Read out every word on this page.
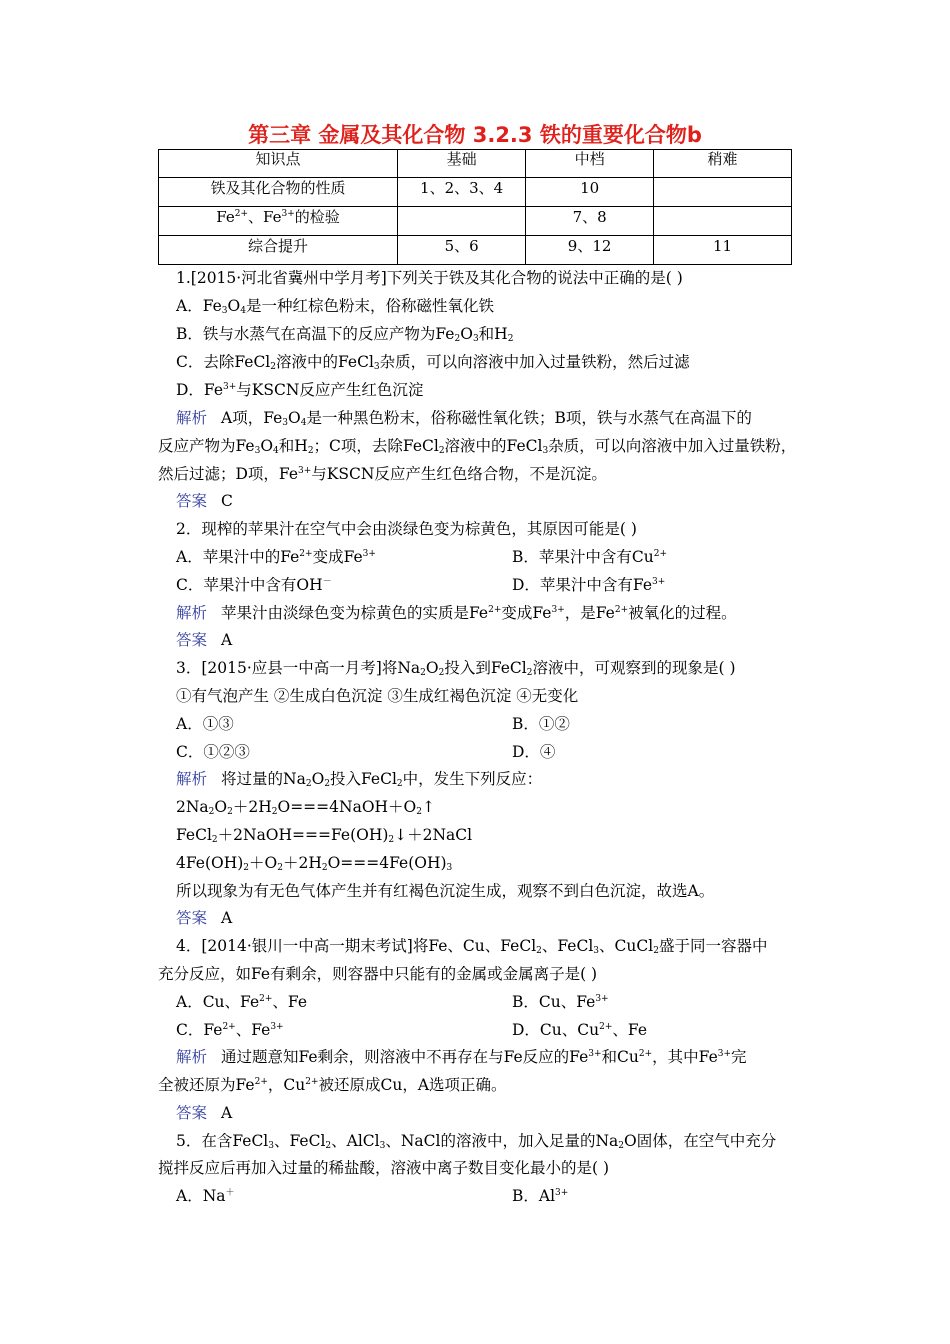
第三章 金属及其化合物 3.2.3 铁的重要化合物b
知识点	基础	中档	稍难
铁及其化合物的性质	1、2、3、4	10	
$Fe^{2+}$、$Fe^{3+}$的检验		7、8	
综合提升	5、6	9、12	11
1.[2015·河北省冀州中学月考]下列关于铁及其化合物的说法中正确的是( )
A．$Fe_3O_4$是一种红棕色粉末，俗称磁性氧化铁
B．铁与水蒸气在高温下的反应产物为$Fe_2O_3$和$H_2$
C．去除FeCl$_2$溶液中的FeCl$_3$杂质，可以向溶液中加入过量铁粉，然后过滤
D．$Fe^{3+}$与KSCN反应产生红色沉淀
解析 A项，$Fe_3O_4$是一种黑色粉末，俗称磁性氧化铁；B项，铁与水蒸气在高温下的
反应产物为$Fe_3O_4$和$H_2$；C项，去除FeCl$_2$溶液中的FeCl$_3$杂质，可以向溶液中加入过量铁粉，
然后过滤；D项，$Fe^{3+}$与KSCN反应产生红色络合物，不是沉淀。
答案 C
2．现榨的苹果汁在空气中会由淡绿色变为棕黄色，其原因可能是( )
A．苹果汁中的$Fe^{2+}$变成$Fe^{3+}$	B．苹果汁中含有$Cu^{2+}$
C．苹果汁中含有OH－	D．苹果汁中含有$Fe^{3+}$
解析 苹果汁由淡绿色变为棕黄色的实质是$Fe^{2+}$变成$Fe^{3+}$，是$Fe^{2+}$被氧化的过程。
答案 A
3．[2015·应县一中高一月考]将$Na_2O_2$投入到FeCl$_2$溶液中，可观察到的现象是( )
①有气泡产生 ②生成白色沉淀 ③生成红褐色沉淀 ④无变化
A．①③	B．①②
C．①②③	D．④
解析 将过量的$Na_2O_2$投入FeCl$_2$中，发生下列反应：
$2Na_2O_2+2H_2O===4NaOH+O_2↑$
$FeCl_2+2NaOH===Fe(OH)_2↓+2NaCl$
$4Fe(OH)_2+O_2+2H_2O===4Fe(OH)_3$
所以现象为有无色气体产生并有红褐色沉淀生成，观察不到白色沉淀，故选A。
答案 A
4．[2014·银川一中高一期末考试]将Fe、Cu、FeCl$_2$、FeCl$_3$、CuCl$_2$盛于同一容器中
充分反应，如Fe有剩余，则容器中只能有的金属或金属离子是( )
A．Cu、$Fe^{2+}$、Fe	B．Cu、$Fe^{3+}$
C．$Fe^{2+}$、$Fe^{3+}$	D．Cu、$Cu^{2+}$、Fe
解析 通过题意知Fe剩余，则溶液中不再存在与Fe反应的$Fe^{3+}$和$Cu^{2+}$，其中$Fe^{3+}$完
全被还原为$Fe^{2+}$，$Cu^{2+}$被还原成Cu，A选项正确。
答案 A
5．在含FeCl$_3$、FeCl$_2$、AlCl$_3$、NaCl的溶液中，加入足量的$Na_2O$固体，在空气中充分
搅拌反应后再加入过量的稀盐酸，溶液中离子数目变化最小的是( )
A．Na＋	B．$Al^{3+}$
